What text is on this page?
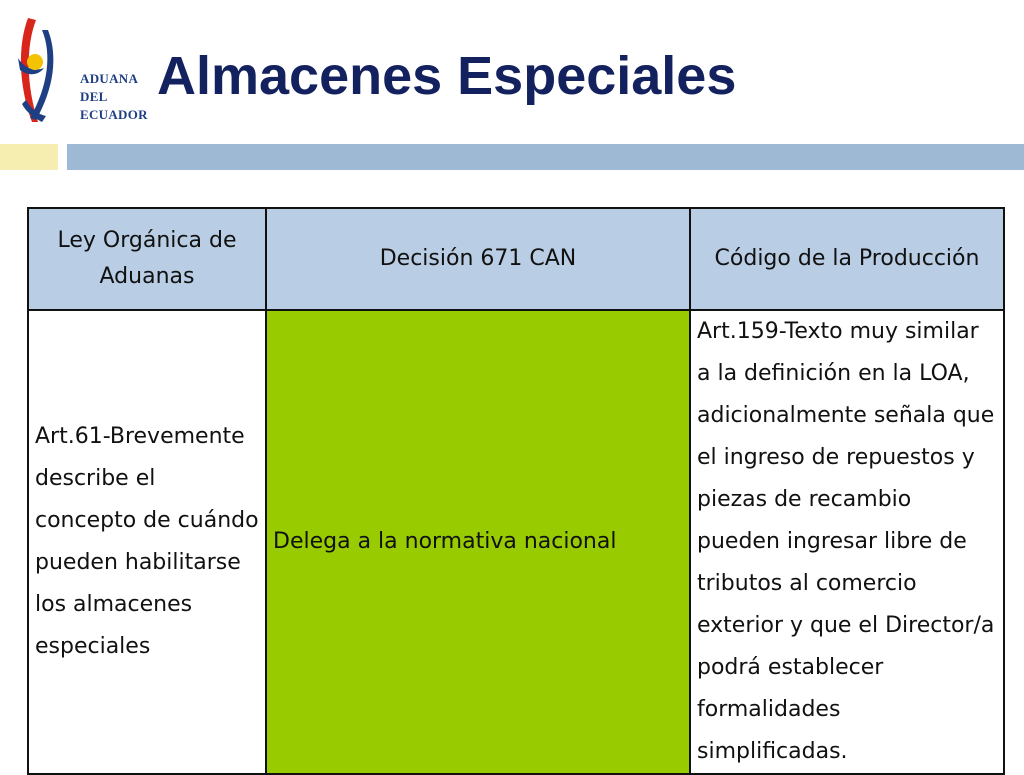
ADUANA
DEL
ECUADOR
Almacenes Especiales
Ley Orgánica de Aduanas	Decisión 671 CAN	Código de la Producción
Art.61-Brevemente describe el concepto de cuándo pueden habilitarse los almacenes especiales	Delega a la normativa nacional	Art.159-Texto muy similar a la definición en la LOA, adicionalmente señala que el ingreso de repuestos y piezas de recambio pueden ingresar libre de tributos al comercio exterior y que el Director/a podrá establecer formalidades simplificadas.
